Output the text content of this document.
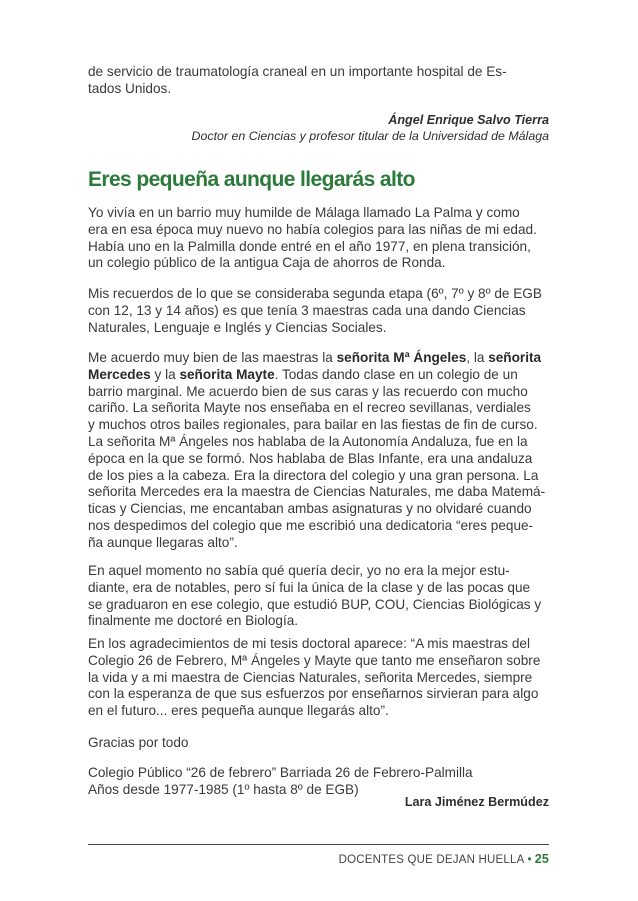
de servicio de traumatología craneal en un importante hospital de Es-
tados Unidos.

Ángel Enrique Salvo Tierra
Doctor en Ciencias y profesor titular de la Universidad de Málaga
Eres pequeña aunque llegarás alto

Yo vivía en un barrio muy humilde de Málaga llamado La Palma y como
era en esa época muy nuevo no había colegios para las niñas de mi edad.
Había uno en la Palmilla donde entré en el año 1977, en plena transición,
un colegio público de la antigua Caja de ahorros de Ronda.

Mis recuerdos de lo que se consideraba segunda etapa (6º, 7º y 8º de EGB
con 12, 13 y 14 años) es que tenía 3 maestras cada una dando Ciencias
Naturales, Lenguaje e Inglés y Ciencias Sociales.

Me acuerdo muy bien de las maestras la señorita Mª Ángeles, la señorita
Mercedes y la señorita Mayte. Todas dando clase en un colegio de un
barrio marginal. Me acuerdo bien de sus caras y las recuerdo con mucho
cariño. La señorita Mayte nos enseñaba en el recreo sevillanas, verdiales
y muchos otros bailes regionales, para bailar en las fiestas de fin de curso.
La señorita Mª Ángeles nos hablaba de la Autonomía Andaluza, fue en la
época en la que se formó. Nos hablaba de Blas Infante, era una andaluza
de los pies a la cabeza. Era la directora del colegio y una gran persona. La
señorita Mercedes era la maestra de Ciencias Naturales, me daba Matemá-
ticas y Ciencias, me encantaban ambas asignaturas y no olvidaré cuando
nos despedimos del colegio que me escribió una dedicatoria “eres peque-
ña aunque llegaras alto”.

En aquel momento no sabía qué quería decir, yo no era la mejor estu-
diante, era de notables, pero sí fui la única de la clase y de las pocas que
se graduaron en ese colegio, que estudió BUP, COU, Ciencias Biológicas y
finalmente me doctoré en Biología.

En los agradecimientos de mi tesis doctoral aparece: “A mis maestras del
Colegio 26 de Febrero, Mª Ángeles y Mayte que tanto me enseñaron sobre
la vida y a mi maestra de Ciencias Naturales, señorita Mercedes, siempre
con la esperanza de que sus esfuerzos por enseñarnos sirvieran para algo
en el futuro... eres pequeña aunque llegarás alto”.

Gracias por todo

Colegio Público “26 de febrero” Barriada 26 de Febrero-Palmilla
Años desde 1977-1985 (1º hasta 8º de EGB)

Lara Jiménez Bermúdez
DOCENTES QUE DEJAN HUELLA • 25
